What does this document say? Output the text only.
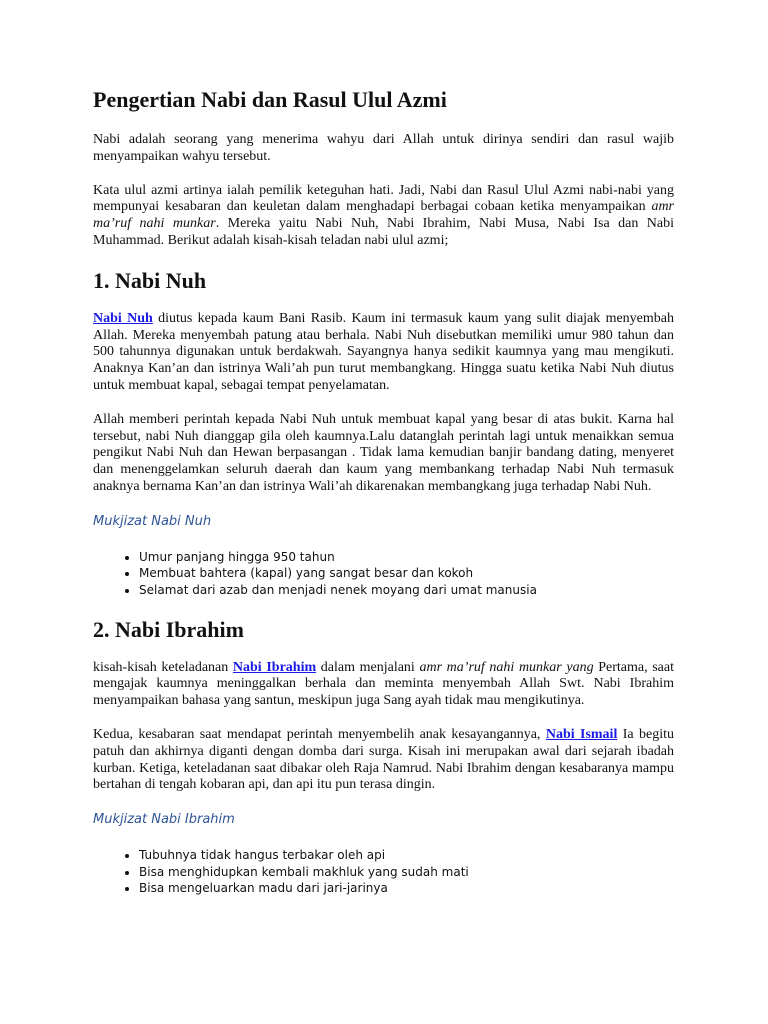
Pengertian Nabi dan Rasul Ulul Azmi

Nabi adalah seorang yang menerima wahyu dari Allah untuk dirinya sendiri dan rasul wajib menyampaikan wahyu tersebut.

Kata ulul azmi artinya ialah pemilik keteguhan hati. Jadi, Nabi dan Rasul Ulul Azmi nabi-nabi yang mempunyai kesabaran dan keuletan dalam menghadapi berbagai cobaan ketika menyampaikan amr ma’ruf nahi munkar. Mereka yaitu Nabi Nuh, Nabi Ibrahim, Nabi Musa, Nabi Isa dan Nabi Muhammad. Berikut adalah kisah-kisah teladan nabi ulul azmi;

1. Nabi Nuh

Nabi Nuh diutus kepada kaum Bani Rasib. Kaum ini termasuk kaum yang sulit diajak menyembah Allah. Mereka menyembah patung atau berhala. Nabi Nuh disebutkan memiliki umur 980 tahun dan 500 tahunnya digunakan untuk berdakwah. Sayangnya hanya sedikit kaumnya yang mau mengikuti. Anaknya Kan’an dan istrinya Wali’ah pun turut membangkang. Hingga suatu ketika Nabi Nuh diutus untuk membuat kapal, sebagai tempat penyelamatan.

Allah memberi perintah kepada Nabi Nuh untuk membuat kapal yang besar di atas bukit. Karna hal tersebut, nabi Nuh dianggap gila oleh kaumnya.Lalu datanglah perintah lagi untuk menaikkan semua pengikut Nabi Nuh dan Hewan berpasangan . Tidak lama kemudian banjir bandang dating, menyeret dan menenggelamkan seluruh daerah dan kaum yang membankang terhadap Nabi Nuh termasuk anaknya bernama Kan’an dan istrinya Wali’ah dikarenakan membangkang juga terhadap Nabi Nuh.

Mukjizat Nabi Nuh
• Umur panjang hingga 950 tahun
• Membuat bahtera (kapal) yang sangat besar dan kokoh
• Selamat dari azab dan menjadi nenek moyang dari umat manusia
2. Nabi Ibrahim

kisah-kisah keteladanan Nabi Ibrahim dalam menjalani amr ma’ruf nahi munkar yang Pertama, saat mengajak kaumnya meninggalkan berhala dan meminta menyembah Allah Swt. Nabi Ibrahim menyampaikan bahasa yang santun, meskipun juga Sang ayah tidak mau mengikutinya.

Kedua, kesabaran saat mendapat perintah menyembelih anak kesayangannya, Nabi Ismail Ia begitu patuh dan akhirnya diganti dengan domba dari surga. Kisah ini merupakan awal dari sejarah ibadah kurban. Ketiga, keteladanan saat dibakar oleh Raja Namrud. Nabi Ibrahim dengan kesabaranya mampu bertahan di tengah kobaran api, dan api itu pun terasa dingin.

Mukjizat Nabi Ibrahim
• Tubuhnya tidak hangus terbakar oleh api
• Bisa menghidupkan kembali makhluk yang sudah mati
• Bisa mengeluarkan madu dari jari-jarinya
